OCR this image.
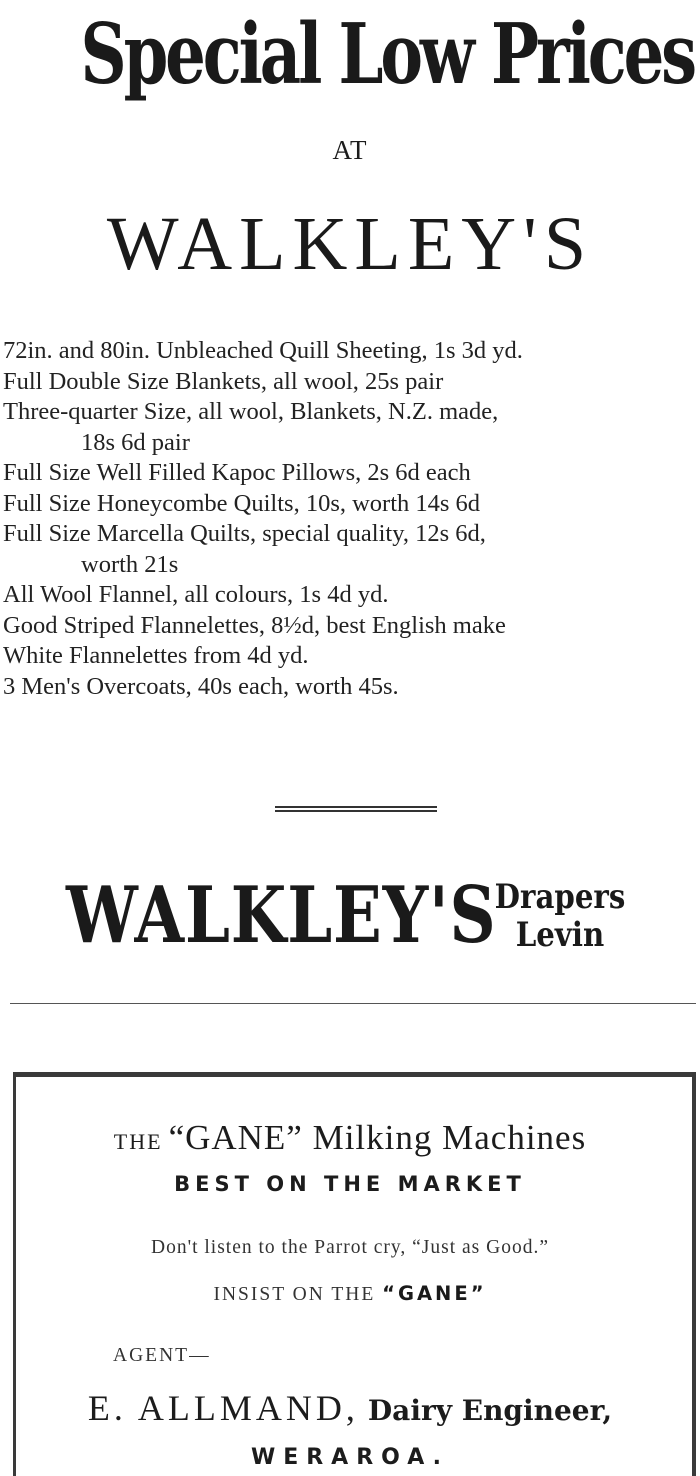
Special Low Prices
AT
WALKLEY'S
72in. and 80in. Unbleached Quill Sheeting, 1s 3d yd.
Full Double Size Blankets, all wool, 25s pair
Three-quarter Size, all wool, Blankets, N.Z. made,
18s 6d pair
Full Size Well Filled Kapoc Pillows, 2s 6d each
Full Size Honeycombe Quilts, 10s, worth 14s 6d
Full Size Marcella Quilts, special quality, 12s 6d,
worth 21s
All Wool Flannel, all colours, 1s 4d yd.
Good Striped Flannelettes, 8½d, best English make
White Flannelettes from 4d yd.
3 Men's Overcoats, 40s each, worth 45s.
WALKLEY'S
Drapers
Levin
THE “GANE” Milking Machines
BEST ON THE MARKET
Don't listen to the Parrot cry, “Just as Good.”
INSIST ON THE “GANE”
AGENT—
E. ALLMAND, Dairy Engineer,
WERAROA.
